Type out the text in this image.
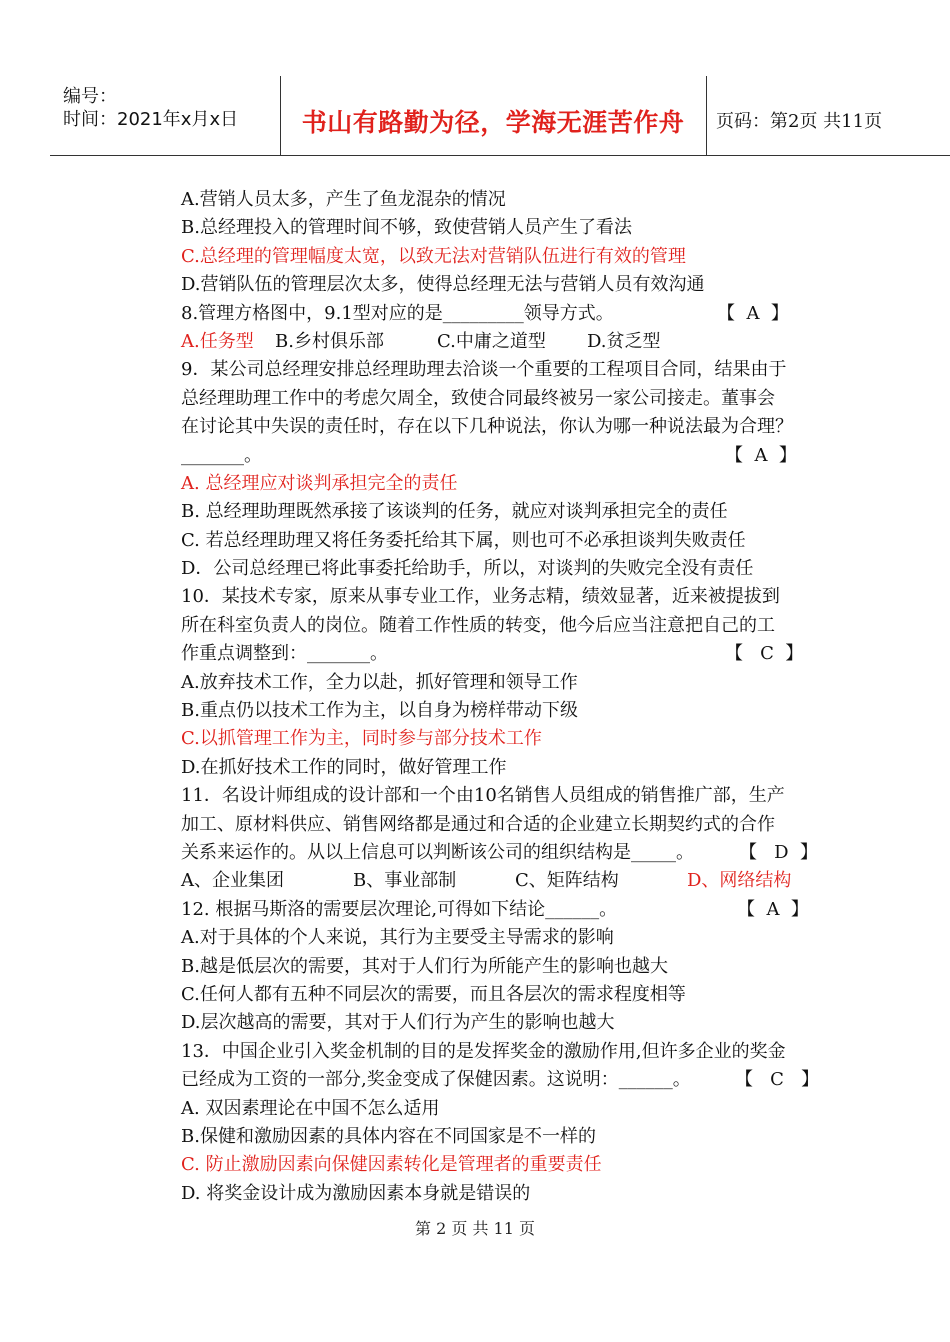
编号：
时间：2021年x月x日	书山有路勤为径，学海无涯苦作舟	页码：第2页 共11页
A.营销人员太多，产生了鱼龙混杂的情况
B.总经理投入的管理时间不够，致使营销人员产生了看法
C.总经理的管理幅度太宽，以致无法对营销队伍进行有效的管理
D.营销队伍的管理层次太多，使得总经理无法与营销人员有效沟通
8.管理方格图中，9.1型对应的是_________领导方式。	【  A  】
A.任务型 B.乡村俱乐部	C.中庸之道型 D.贫乏型
9．某公司总经理安排总经理助理去洽谈一个重要的工程项目合同，结果由于
总经理助理工作中的考虑欠周全，致使合同最终被另一家公司接走。董事会
在讨论其中失误的责任时，存在以下几种说法，你认为哪一种说法最为合理？
_______。	【  A  】
A. 总经理应对谈判承担完全的责任
B. 总经理助理既然承接了该谈判的任务，就应对谈判承担完全的责任
C. 若总经理助理又将任务委托给其下属，则也可不必承担谈判失败责任
D．公司总经理已将此事委托给助手，所以，对谈判的失败完全没有责任
10．某技术专家，原来从事专业工作，业务志精，绩效显著，近来被提拔到
所在科室负责人的岗位。随着工作性质的转变，他今后应当注意把自己的工
作重点调整到：_______。	【   C  】
A.放弃技术工作，全力以赴，抓好管理和领导工作
B.重点仍以技术工作为主，以自身为榜样带动下级
C.以抓管理工作为主，同时参与部分技术工作
D.在抓好技术工作的同时，做好管理工作
11．名设计师组成的设计部和一个由10名销售人员组成的销售推广部，生产
加工、原材料供应、销售网络都是通过和合适的企业建立长期契约式的合作
关系来运作的。从以上信息可以判断该公司的组织结构是_____。	【   D  】
A、企业集团	B、事业部制	C、矩阵结构	D、网络结构
12. 根据马斯洛的需要层次理论,可得如下结论______。	【  A  】
A.对于具体的个人来说，其行为主要受主导需求的影响
B.越是低层次的需要，其对于人们行为所能产生的影响也越大
C.任何人都有五种不同层次的需要，而且各层次的需求程度相等
D.层次越高的需要，其对于人们行为产生的影响也越大
13．中国企业引入奖金机制的目的是发挥奖金的激励作用,但许多企业的奖金
已经成为工资的一部分,奖金变成了保健因素。这说明：______。 【   C   】
A. 双因素理论在中国不怎么适用
B.保健和激励因素的具体内容在不同国家是不一样的
C. 防止激励因素向保健因素转化是管理者的重要责任
D. 将奖金设计成为激励因素本身就是错误的
第 2 页 共 11 页
